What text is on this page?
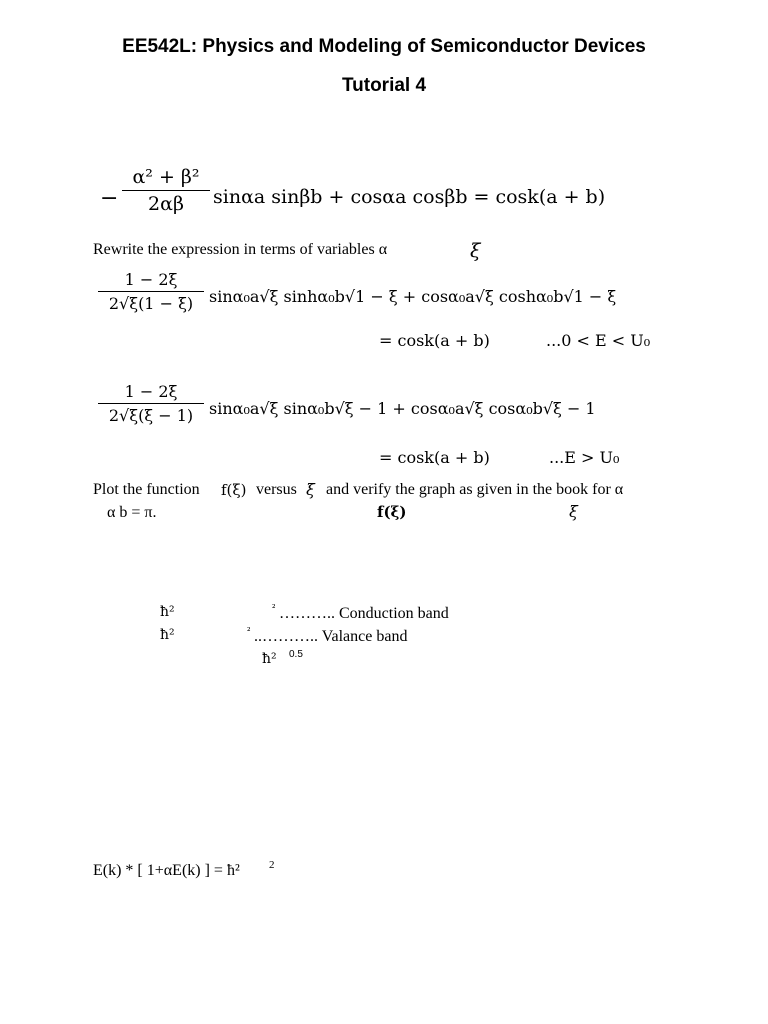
EE542L: Physics and Modeling of Semiconductor Devices
Tutorial 4
−
α² + β²
2αβ sinαa sinβb + cosαa cosβb = cosk(a + b)
Rewrite the expression in terms of variables α	ξ
1 − 2ξ
2√ξ(1 − ξ) sinα₀a√ξ sinhα₀b√1 − ξ + cosα₀a√ξ coshα₀b√1 − ξ
= cosk(a + b)	...0 < E < U₀
1 − 2ξ
2√ξ(ξ − 1) sinα₀a√ξ sinα₀b√ξ − 1 + cosα₀a√ξ cosα₀b√ξ − 1
= cosk(a + b)	...E > U₀
Plot the function f(ξ) versus ξ and verify the graph as given in the book for α
α b = π.	f(ξ)	ξ
ħ²	² ……….. Conduction band
ħ²	² ..……….. Valance band
ħ² 0.5
E(k) * [ 1+αE(k) ] = ħ²	2
